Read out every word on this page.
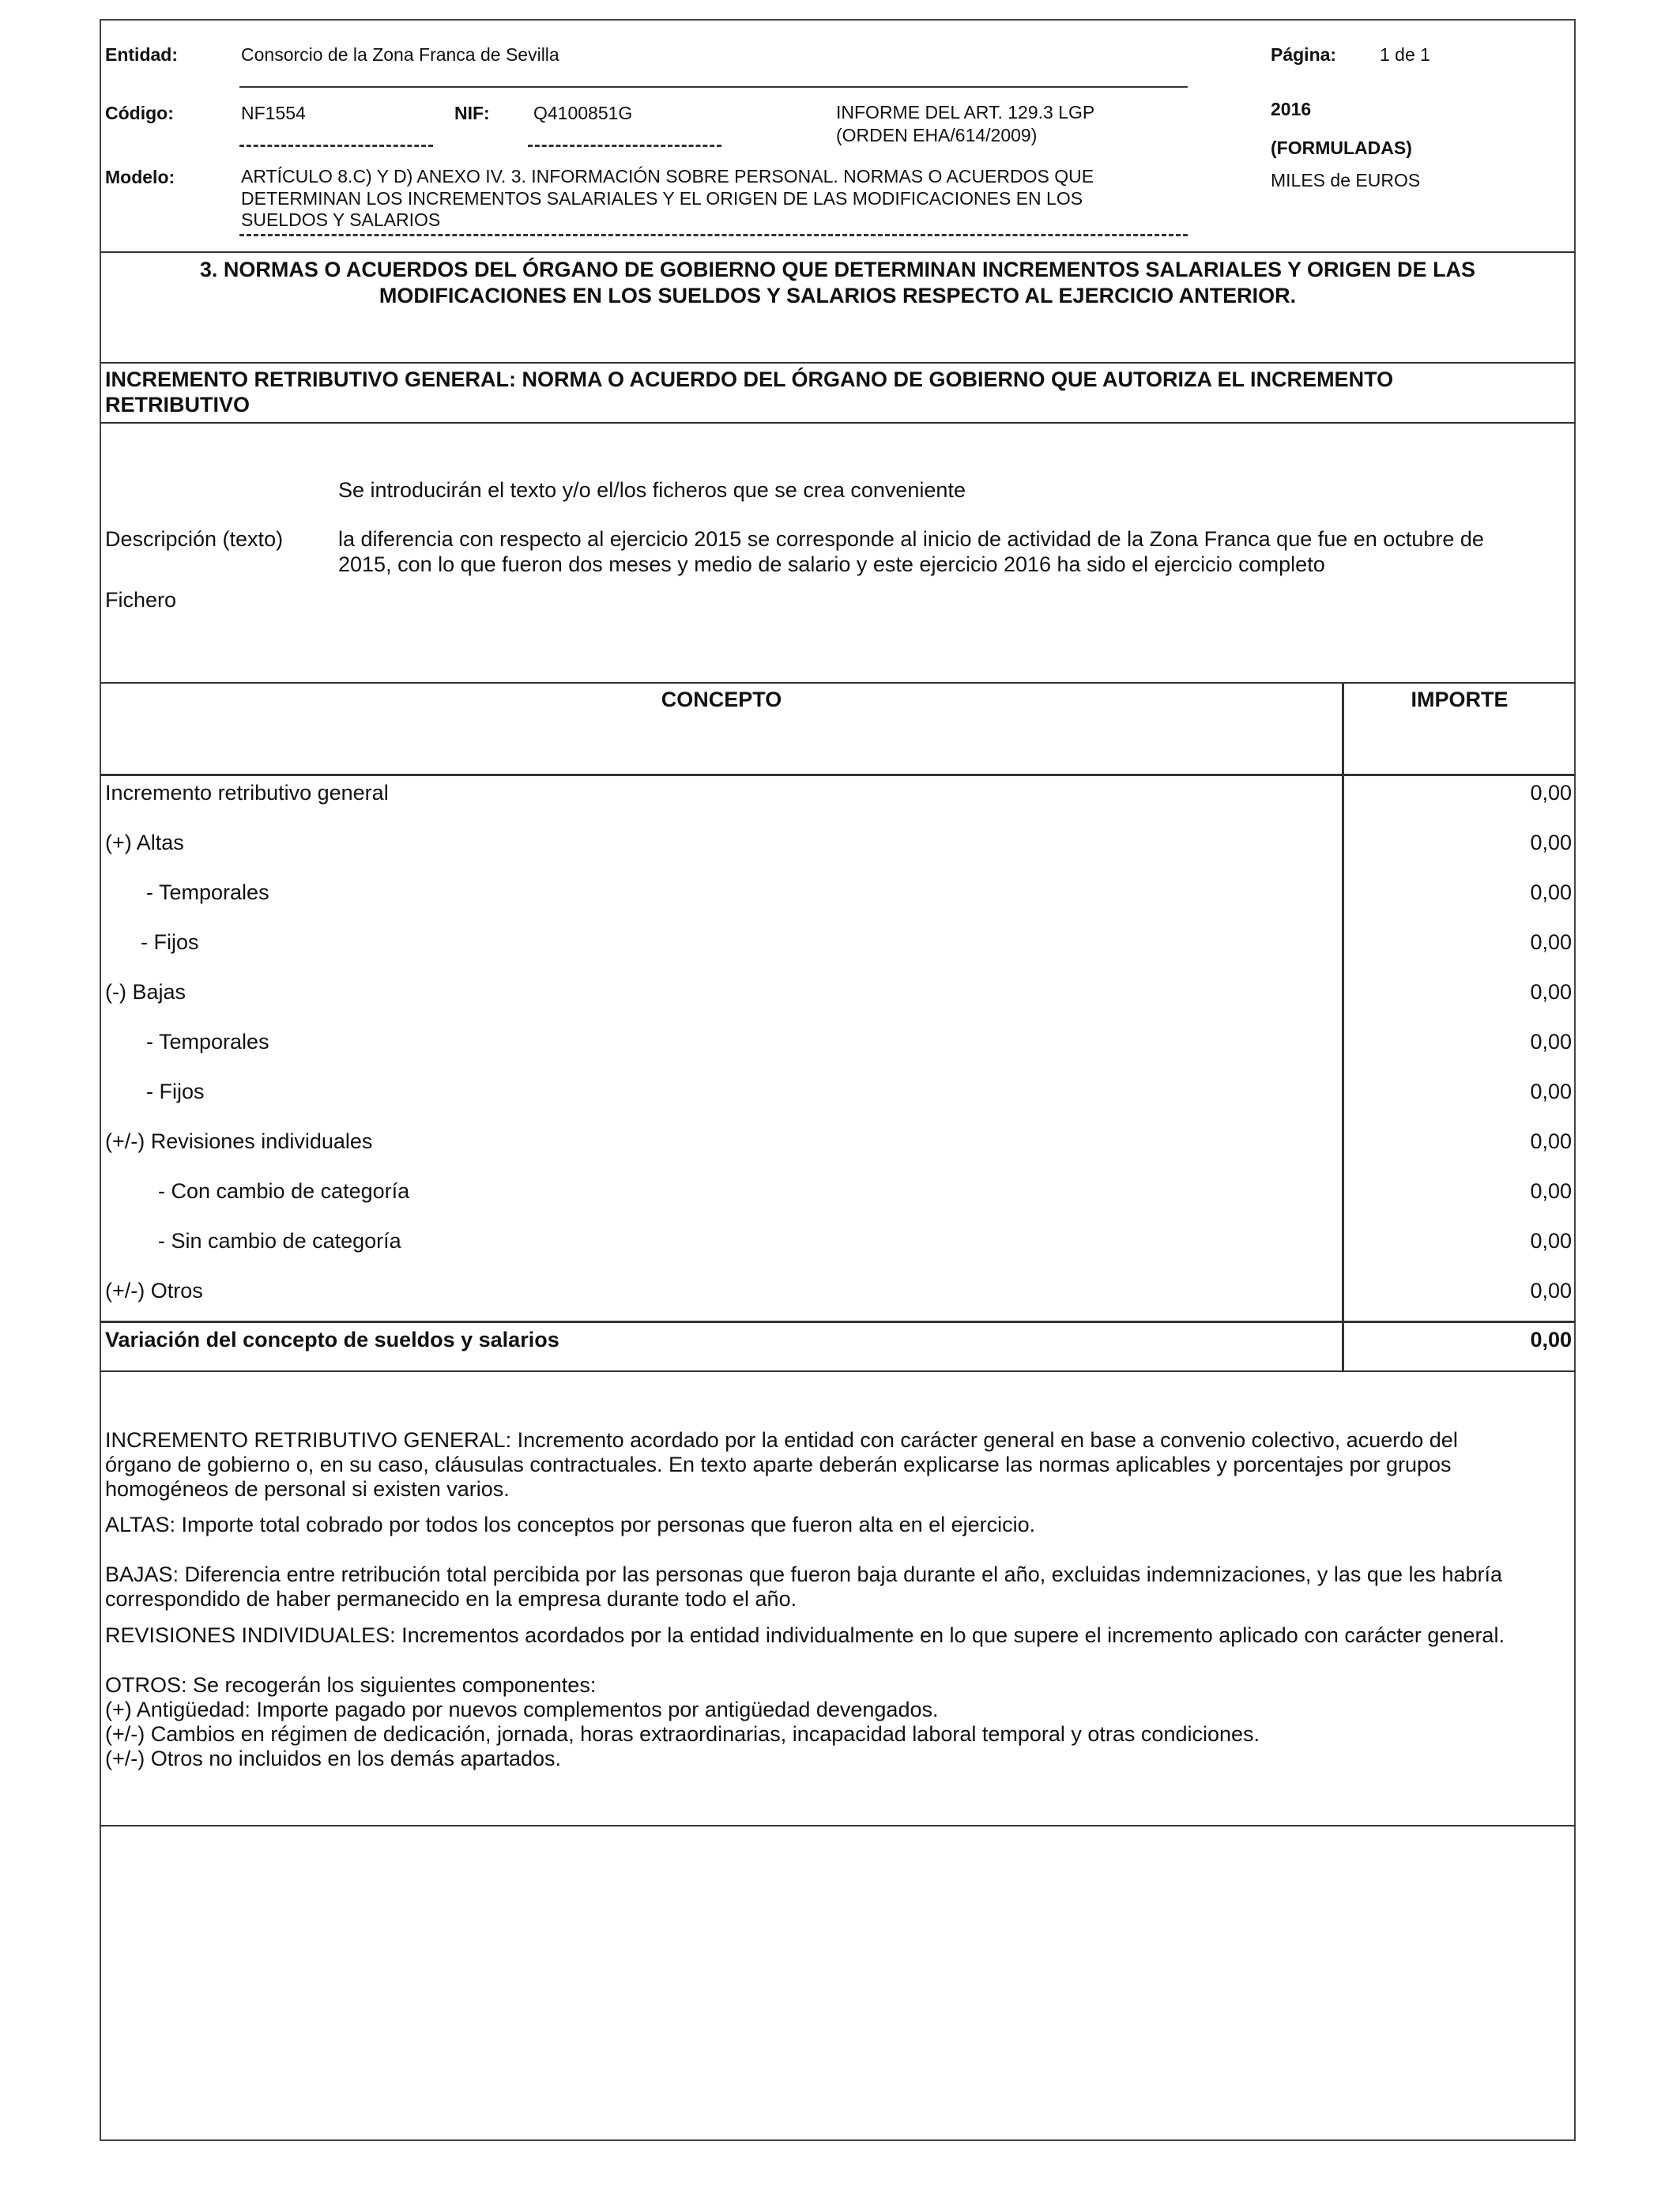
Entidad:	Consorcio de la Zona Franca de Sevilla	Página: 1 de 1
Código:	NF1554	NIF: Q4100851G	INFORME DEL ART. 129.3 LGP
(ORDEN EHA/614/2009)
2016
(FORMULADAS)
MILES de EUROS
Modelo:	ARTÍCULO 8.C) Y D) ANEXO IV. 3. INFORMACIÓN SOBRE PERSONAL. NORMAS O ACUERDOS QUE
DETERMINAN LOS INCREMENTOS SALARIALES Y EL ORIGEN DE LAS MODIFICACIONES EN LOS
SUELDOS Y SALARIOS
3. NORMAS O ACUERDOS DEL ÓRGANO DE GOBIERNO QUE DETERMINAN INCREMENTOS SALARIALES Y ORIGEN DE LAS
MODIFICACIONES EN LOS SUELDOS Y SALARIOS RESPECTO AL EJERCICIO ANTERIOR.
INCREMENTO RETRIBUTIVO GENERAL: NORMA O ACUERDO DEL ÓRGANO DE GOBIERNO QUE AUTORIZA EL INCREMENTO
RETRIBUTIVO
Se introducirán el texto y/o el/los ficheros que se crea conveniente
Descripción (texto)	la diferencia con respecto al ejercicio 2015 se corresponde al inicio de actividad de la Zona Franca que fue en octubre de
2015, con lo que fueron dos meses y medio de salario y este ejercicio 2016 ha sido el ejercicio completo
Fichero
CONCEPTO	IMPORTE
Incremento retributivo general	0,00
(+) Altas	0,00
- Temporales	0,00
- Fijos	0,00
(-) Bajas	0,00
- Temporales	0,00
- Fijos	0,00
(+/-) Revisiones individuales	0,00
- Con cambio de categoría	0,00
- Sin cambio de categoría	0,00
(+/-) Otros	0,00
Variación del concepto de sueldos y salarios	0,00
INCREMENTO RETRIBUTIVO GENERAL: Incremento acordado por la entidad con carácter general en base a convenio colectivo, acuerdo del
órgano de gobierno o, en su caso, cláusulas contractuales. En texto aparte deberán explicarse las normas aplicables y porcentajes por grupos
homogéneos de personal si existen varios.
ALTAS: Importe total cobrado por todos los conceptos por personas que fueron alta en el ejercicio.
BAJAS: Diferencia entre retribución total percibida por las personas que fueron baja durante el año, excluidas indemnizaciones, y las que les habría
correspondido de haber permanecido en la empresa durante todo el año.
REVISIONES INDIVIDUALES: Incrementos acordados por la entidad individualmente en lo que supere el incremento aplicado con carácter general.
OTROS: Se recogerán los siguientes componentes:
(+) Antigüedad: Importe pagado por nuevos complementos por antigüedad devengados.
(+/-) Cambios en régimen de dedicación, jornada, horas extraordinarias, incapacidad laboral temporal y otras condiciones.
(+/-) Otros no incluidos en los demás apartados.
